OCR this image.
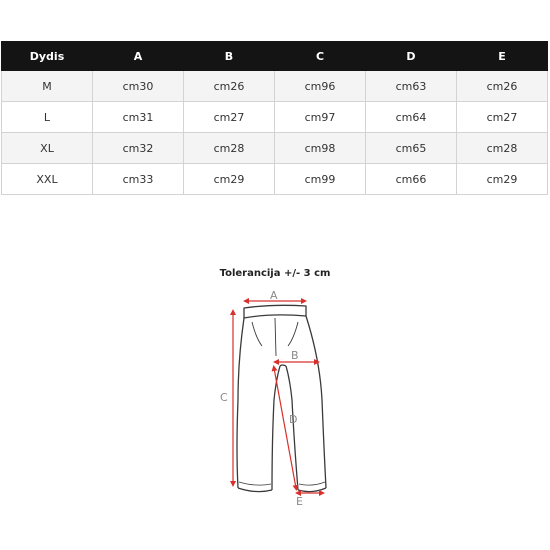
Dydis	A	B	C	D	E
M	cm30	cm26	cm96	cm63	cm26
L	cm31	cm27	cm97	cm64	cm27
XL	cm32	cm28	cm98	cm65	cm28
XXL	cm33	cm29	cm99	cm66	cm29
Tolerancija +/- 3 cm
A
B
C
D
E
